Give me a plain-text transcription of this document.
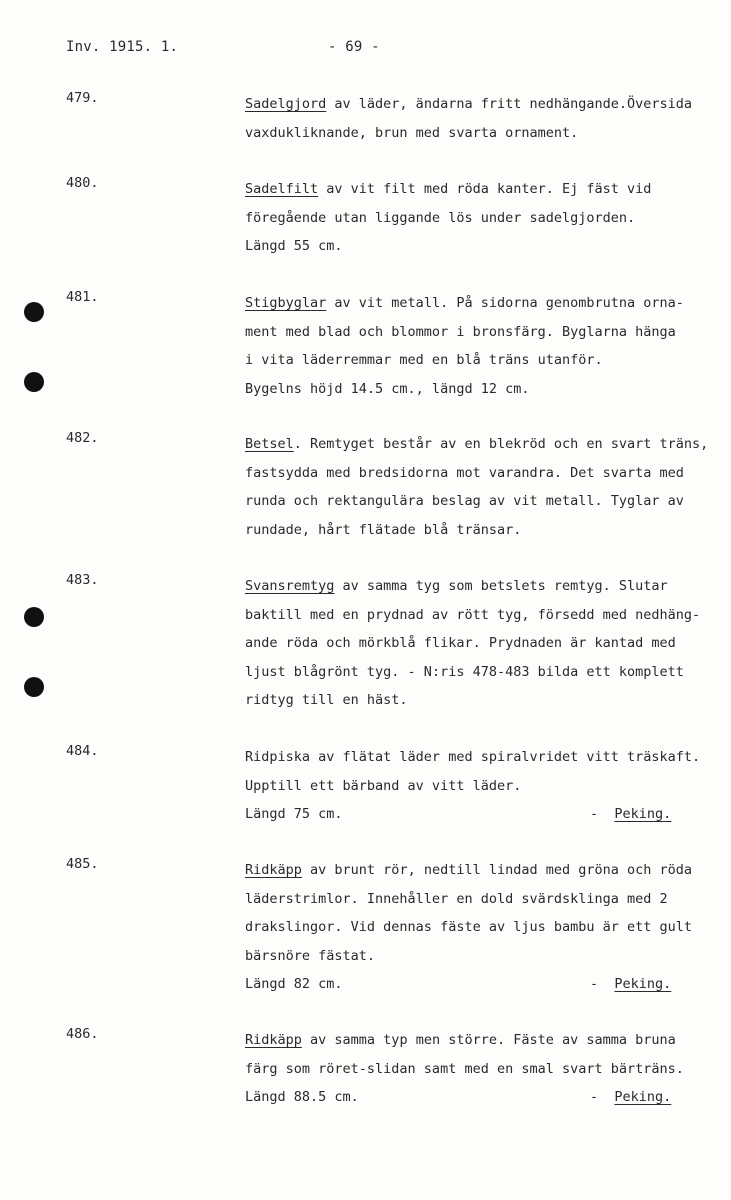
Inv. 1915. 1.	- 69 -
479.	Sadelgjord av läder, ändarna fritt nedhängande.Översida
vaxdukliknande, brun med svarta ornament.
480.	Sadelfilt av vit filt med röda kanter. Ej fäst vid
föregående utan liggande lös under sadelgjorden.
Längd 55 cm.
481.	Stigbyglar av vit metall. På sidorna genombrutna orna-
ment med blad och blommor i bronsfärg. Byglarna hänga
i vita läderremmar med en blå träns utanför.
Bygelns höjd 14.5 cm., längd 12 cm.
482.	Betsel. Remtyget består av en blekröd och en svart träns,
fastsydda med bredsidorna mot varandra. Det svarta med
runda och rektangulära beslag av vit metall. Tyglar av
rundade, hårt flätade blå tränsar.
483.	Svansremtyg av samma tyg som betslets remtyg. Slutar
baktill med en prydnad av rött tyg, försedd med nedhäng-
ande röda och mörkblå flikar. Prydnaden är kantad med
ljust blågrönt tyg. - N:ris 478-483 bilda ett komplett
ridtyg till en häst.
484.	Ridpiska av flätat läder med spiralvridet vitt träskaft.
Upptill ett bärband av vitt läder.
Längd 75 cm.	- Peking.
485.	Ridkäpp av brunt rör, nedtill lindad med gröna och röda
läderstrimlor. Innehåller en dold svärdsklinga med 2
drakslingor. Vid dennas fäste av ljus bambu är ett gult
bärsnöre fästat.
Längd 82 cm.	- Peking.
486.	Ridkäpp av samma typ men större. Fäste av samma bruna
färg som röret-slidan samt med en smal svart bärträns.
Längd 88.5 cm.	- Peking.
